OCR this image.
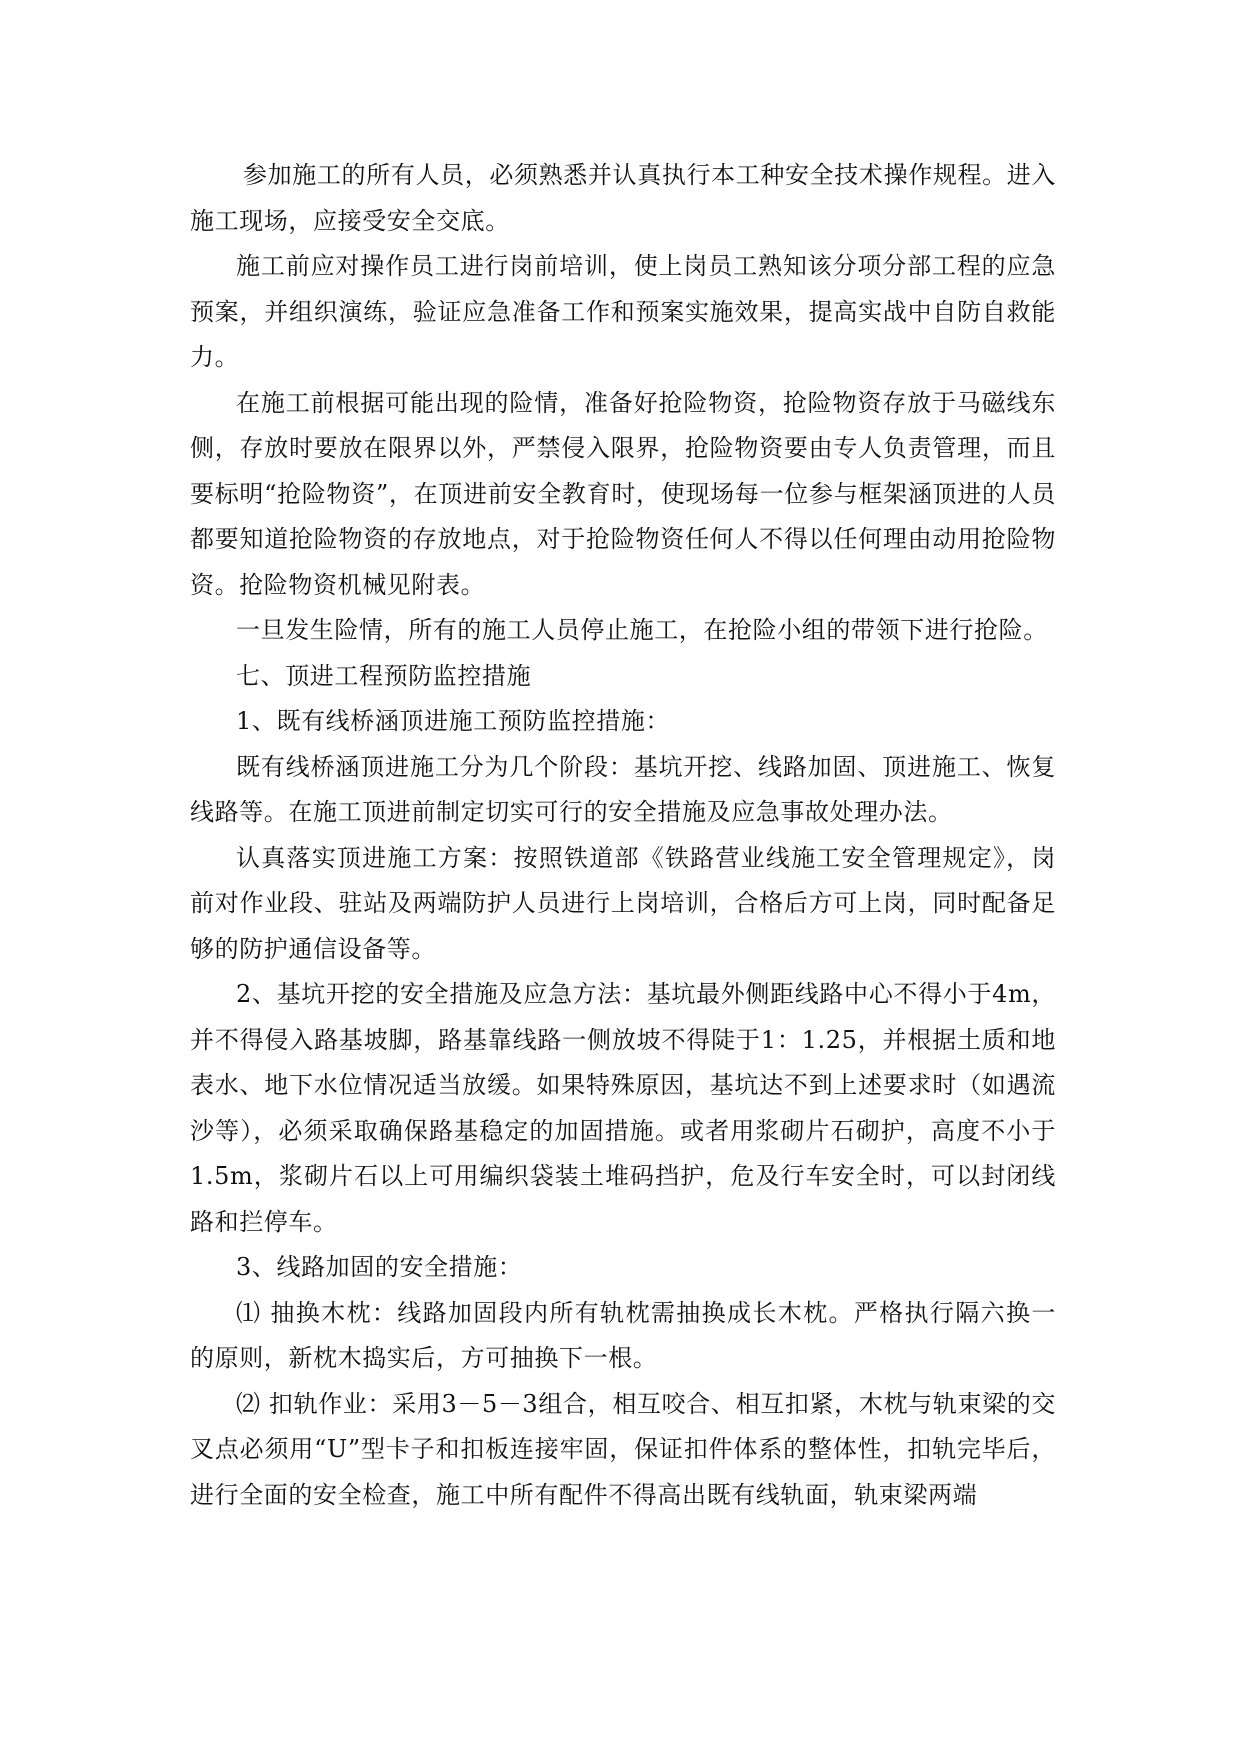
参加施工的所有人员，必须熟悉并认真执行本工种安全技术操作规程。进入施工现场，应接受安全交底。

施工前应对操作员工进行岗前培训，使上岗员工熟知该分项分部工程的应急预案，并组织演练，验证应急准备工作和预案实施效果，提高实战中自防自救能力。

在施工前根据可能出现的险情，准备好抢险物资，抢险物资存放于马磁线东侧，存放时要放在限界以外，严禁侵入限界，抢险物资要由专人负责管理，而且要标明“抢险物资”，在顶进前安全教育时，使现场每一位参与框架涵顶进的人员都要知道抢险物资的存放地点，对于抢险物资任何人不得以任何理由动用抢险物资。抢险物资机械见附表。

一旦发生险情，所有的施工人员停止施工，在抢险小组的带领下进行抢险。

七、顶进工程预防监控措施

1、既有线桥涵顶进施工预防监控措施：

既有线桥涵顶进施工分为几个阶段：基坑开挖、线路加固、顶进施工、恢复线路等。在施工顶进前制定切实可行的安全措施及应急事故处理办法。

认真落实顶进施工方案：按照铁道部《铁路营业线施工安全管理规定》，岗前对作业段、驻站及两端防护人员进行上岗培训，合格后方可上岗，同时配备足够的防护通信设备等。

2、基坑开挖的安全措施及应急方法：基坑最外侧距线路中心不得小于4m，并不得侵入路基坡脚，路基靠线路一侧放坡不得陡于1：1.25，并根据土质和地表水、地下水位情况适当放缓。如果特殊原因，基坑达不到上述要求时（如遇流沙等），必须采取确保路基稳定的加固措施。或者用浆砌片石砌护，高度不小于1.5m，浆砌片石以上可用编织袋装土堆码挡护，危及行车安全时，可以封闭线路和拦停车。

3、线路加固的安全措施：

⑴ 抽换木枕：线路加固段内所有轨枕需抽换成长木枕。严格执行隔六换一的原则，新枕木捣实后，方可抽换下一根。

⑵ 扣轨作业：采用3－5－3组合，相互咬合、相互扣紧，木枕与轨束梁的交叉点必须用“U”型卡子和扣板连接牢固，保证扣件体系的整体性，扣轨完毕后，进行全面的安全检查，施工中所有配件不得高出既有线轨面，轨束梁两端
